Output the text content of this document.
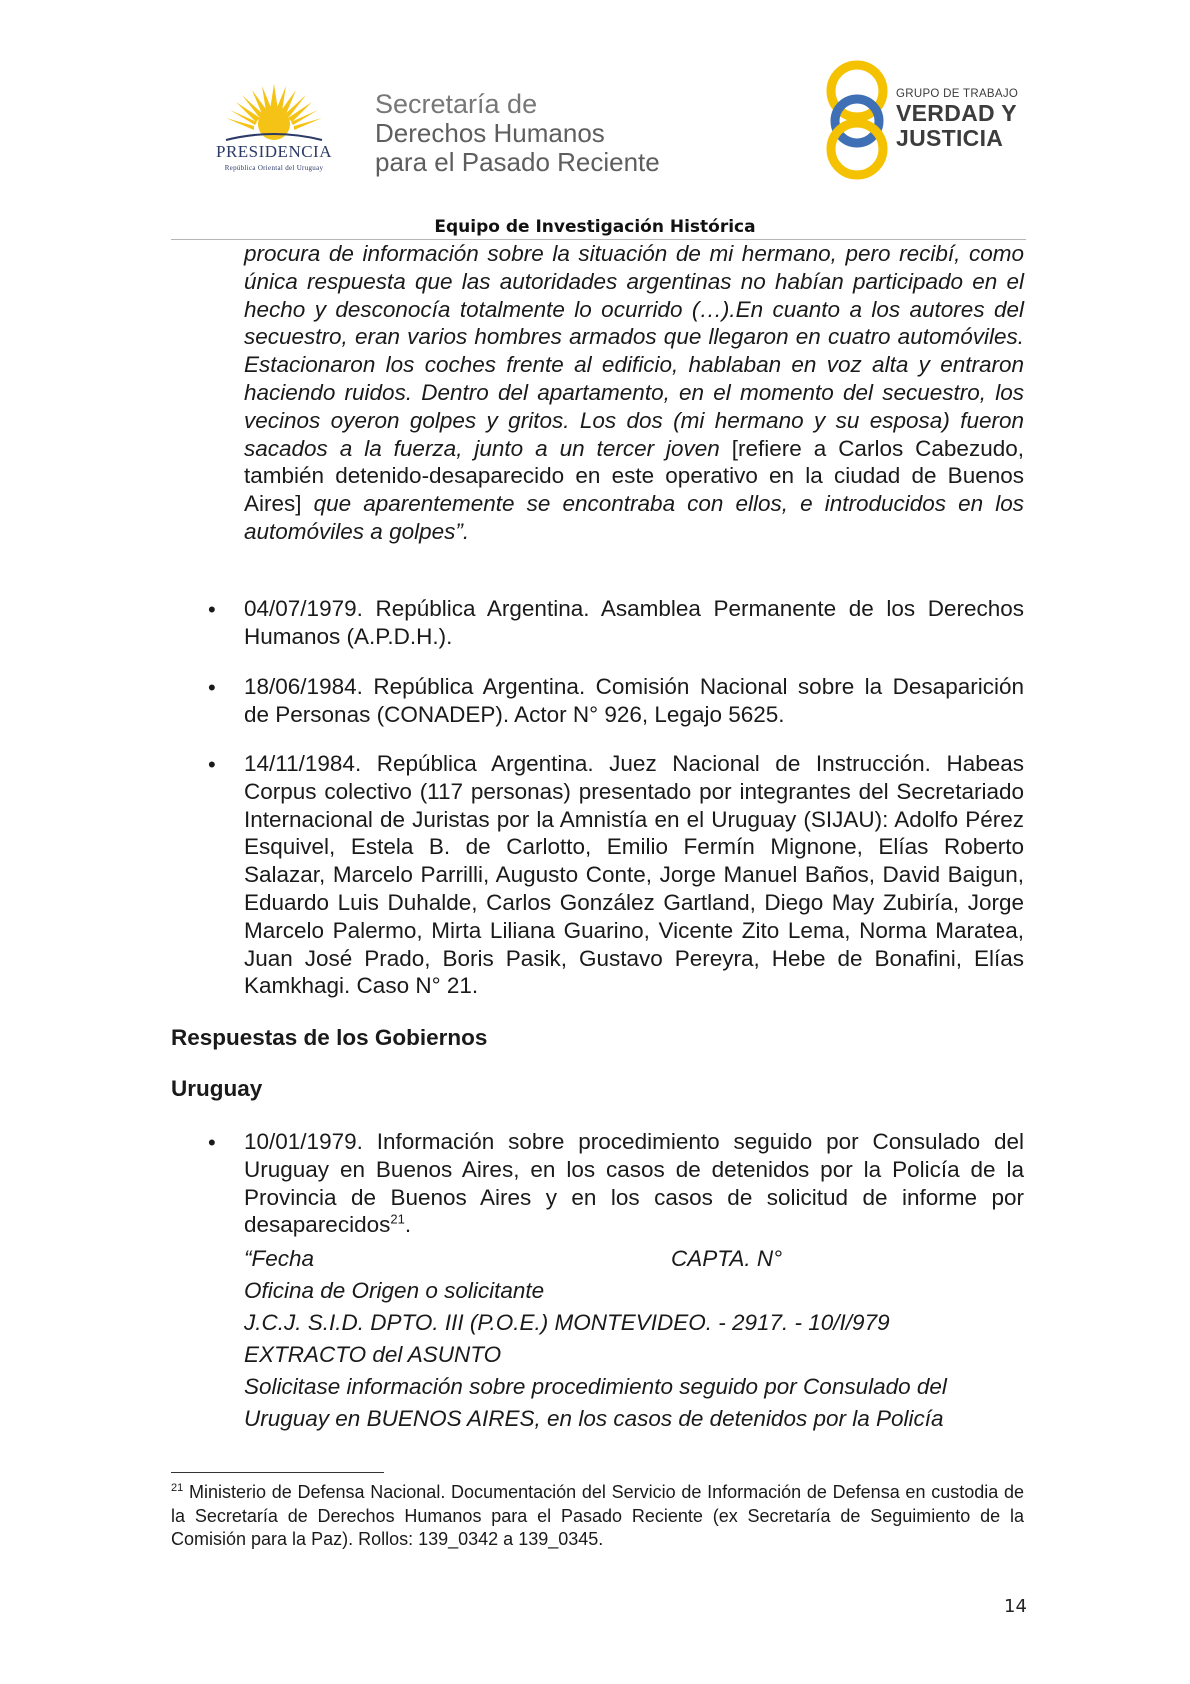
PRESIDENCIA
República Oriental del Uruguay
Secretaría de
Derechos Humanos
para el Pasado Reciente
GRUPO DE TRABAJO
VERDAD Y
JUSTICIA
Equipo de Investigación Histórica
procura de información sobre la situación de mi hermano, pero recibí, como única respuesta que las autoridades argentinas no habían participado en el hecho y desconocía totalmente lo ocurrido (…).En cuanto a los autores del secuestro, eran varios hombres armados que llegaron en cuatro automóviles. Estacionaron los coches frente al edificio, hablaban en voz alta y entraron haciendo ruidos. Dentro del apartamento, en el momento del secuestro, los vecinos oyeron golpes y gritos. Los dos (mi hermano y su esposa) fueron sacados a la fuerza, junto a un tercer joven [refiere a Carlos Cabezudo, también detenido-desaparecido en este operativo en la ciudad de Buenos Aires] que aparentemente se encontraba con ellos, e introducidos en los automóviles a golpes”.
• 04/07/1979. República Argentina. Asamblea Permanente de los Derechos Humanos (A.P.D.H.).
• 18/06/1984. República Argentina. Comisión Nacional sobre la Desaparición de Personas (CONADEP). Actor N° 926, Legajo 5625.
• 14/11/1984. República Argentina. Juez Nacional de Instrucción. Habeas Corpus colectivo (117 personas) presentado por integrantes del Secretariado Internacional de Juristas por la Amnistía en el Uruguay (SIJAU): Adolfo Pérez Esquivel, Estela B. de Carlotto, Emilio Fermín Mignone, Elías Roberto Salazar, Marcelo Parrilli, Augusto Conte, Jorge Manuel Baños, David Baigun, Eduardo Luis Duhalde, Carlos González Gartland, Diego May Zubiría, Jorge Marcelo Palermo, Mirta Liliana Guarino, Vicente Zito Lema, Norma Maratea, Juan José Prado, Boris Pasik, Gustavo Pereyra, Hebe de Bonafini, Elías Kamkhagi. Caso N° 21.
Respuestas de los Gobiernos
Uruguay
• 10/01/1979. Información sobre procedimiento seguido por Consulado del Uruguay en Buenos Aires, en los casos de detenidos por la Policía de la Provincia de Buenos Aires y en los casos de solicitud de informe por desaparecidos$^{21}$.
“Fecha	CAPTA. N°
Oficina de Origen o solicitante
J.C.J. S.I.D. DPTO. III (P.O.E.) MONTEVIDEO. - 2917. - 10/I/979
EXTRACTO del ASUNTO
Solicitase información sobre procedimiento seguido por Consulado del
Uruguay en BUENOS AIRES, en los casos de detenidos por la Policía
$^{21}$ Ministerio de Defensa Nacional. Documentación del Servicio de Información de Defensa en custodia de la Secretaría de Derechos Humanos para el Pasado Reciente (ex Secretaría de Seguimiento de la Comisión para la Paz). Rollos: 139_0342 a 139_0345.
14
